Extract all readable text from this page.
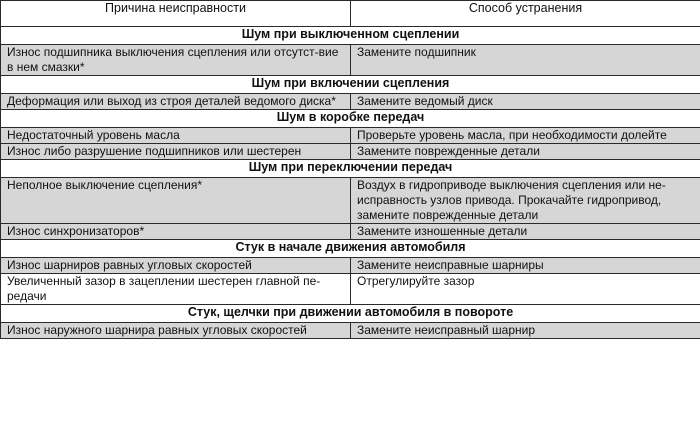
Причина неисправности	Способ устранения
Шум при выключенном сцеплении	
Износ подшипника выключения сцепления или отсутст-вие в нем смазки*	Замените подшипник
Шум при включении сцепления	
Деформация или выход из строя деталей ведомого диска*	Замените ведомый диск
Шум в коробке передач	
Недостаточный уровень масла	Проверьте уровень масла, при необходимости долейте
Износ либо разрушение подшипников или шестерен	Замените поврежденные детали
Шум при переключении передач	
Неполное выключение сцепления*	Воздух в гидроприводе выключения сцепления или не-исправность узлов привода. Прокачайте гидропривод, замените поврежденные детали
Износ синхронизаторов*	Замените изношенные детали
Стук в начале движения автомобиля	
Износ шарниров равных угловых скоростей	Замените неисправные шарниры
Увеличенный зазор в зацеплении шестерен главной пе-редачи	Отрегулируйте зазор
Стук, щелчки при движении автомобиля в повороте	
Износ наружного шарнира равных угловых скоростей	Замените неисправный шарнир
